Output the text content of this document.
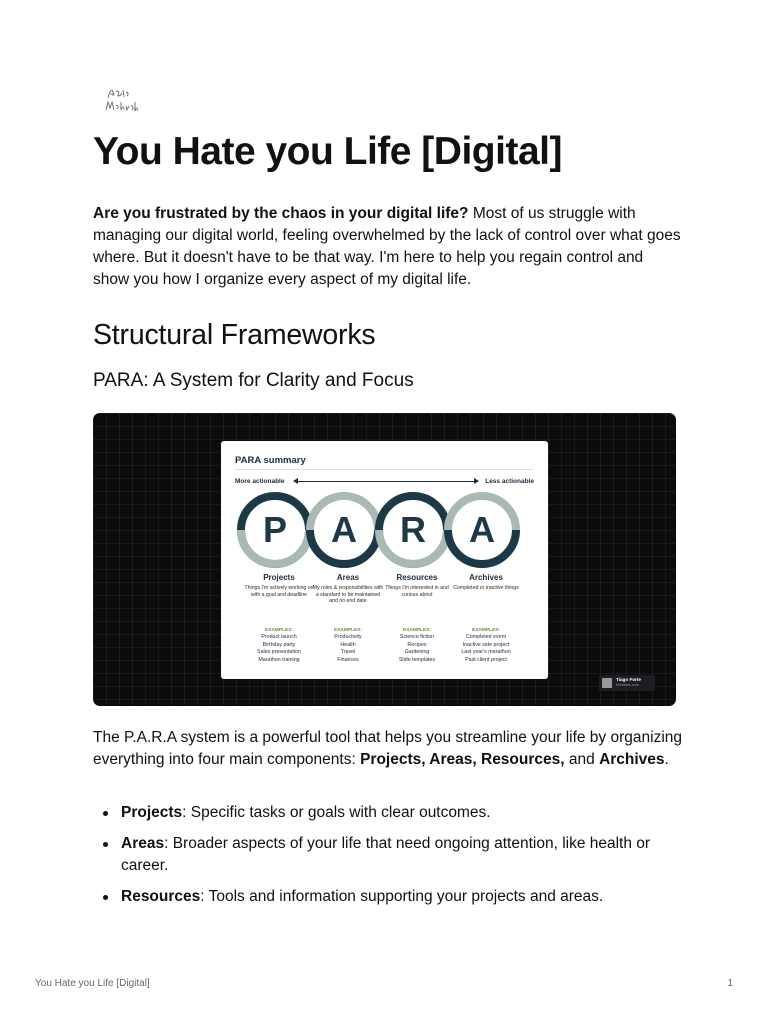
You Hate you Life [Digital]

Are you frustrated by the chaos in your digital life? Most of us struggle with managing our digital world, feeling overwhelmed by the lack of control over what goes where. But it doesn't have to be that way. I'm here to help you regain control and show you how I organize every aspect of my digital life.

Structural Frameworks
PARA: A System for Clarity and Focus
PARA summary
More actionable	Less actionable
P A R A
Projects
Things I'm actively working on with a goal and deadline
EXAMPLES:
Product launch
Birthday party
Sales presentation
Marathon training
Areas
My roles & responsibilities with a standard to be maintained and no end date
EXAMPLES:
Productivity
Health
Travel
Finances
Resources
Things I'm interested in and curious about
EXAMPLES:
Science fiction
Recipes
Gardening
Slide templates
Archives
Completed or inactive things
EXAMPLES:
Completed event
Inactive side project
Last year's marathon
Past client project
Tiago Forte
fortelabs.com

The P.A.R.A system is a powerful tool that helps you streamline your life by organizing everything into four main components: Projects, Areas, Resources, and Archives.

Projects: Specific tasks or goals with clear outcomes.
Areas: Broader aspects of your life that need ongoing attention, like health or career.
Resources: Tools and information supporting your projects and areas.
You Hate you Life [Digital]	1
